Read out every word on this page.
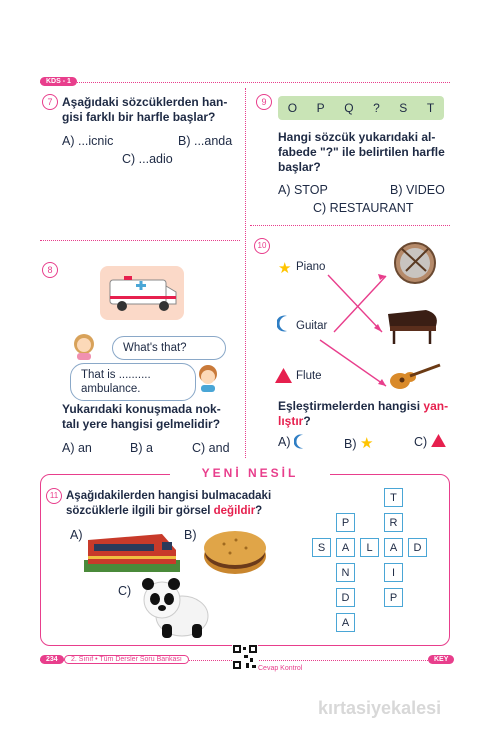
KDS - 1
7 Aşağıdaki sözcüklerden han-
gisi farklı bir harfle başlar?
A) ...icnic	B) ...anda
C) ...adio
9	O P Q ? S T
Hangi sözcük yukarıdaki al-
fabede "?" ile belirtilen harfle
başlar?
A) STOP	B) VIDEO
C) RESTAURANT
8
What's that?
That is ..........
ambulance.
Yukarıdaki konuşmada nok-
talı yere hangisi gelmelidir?
A) an	B) a	C) and
10
★ Piano
Guitar
Flute
Eşleştirmelerden hangisi yan-
lıştır?
A)	B) ★	C)
YENİ NESİL
11 Aşağıdakilerden hangisi bulmacadaki
sözcüklerle ilgili bir görsel değildir?
A)	B)
C)
T
R
I
P
P
N
D
A
S	A	L	A	D
234	2. Sınıf • Tüm Dersler Soru Bankası
Cevap Kontrol
KEY
kırtasiyekalesi
